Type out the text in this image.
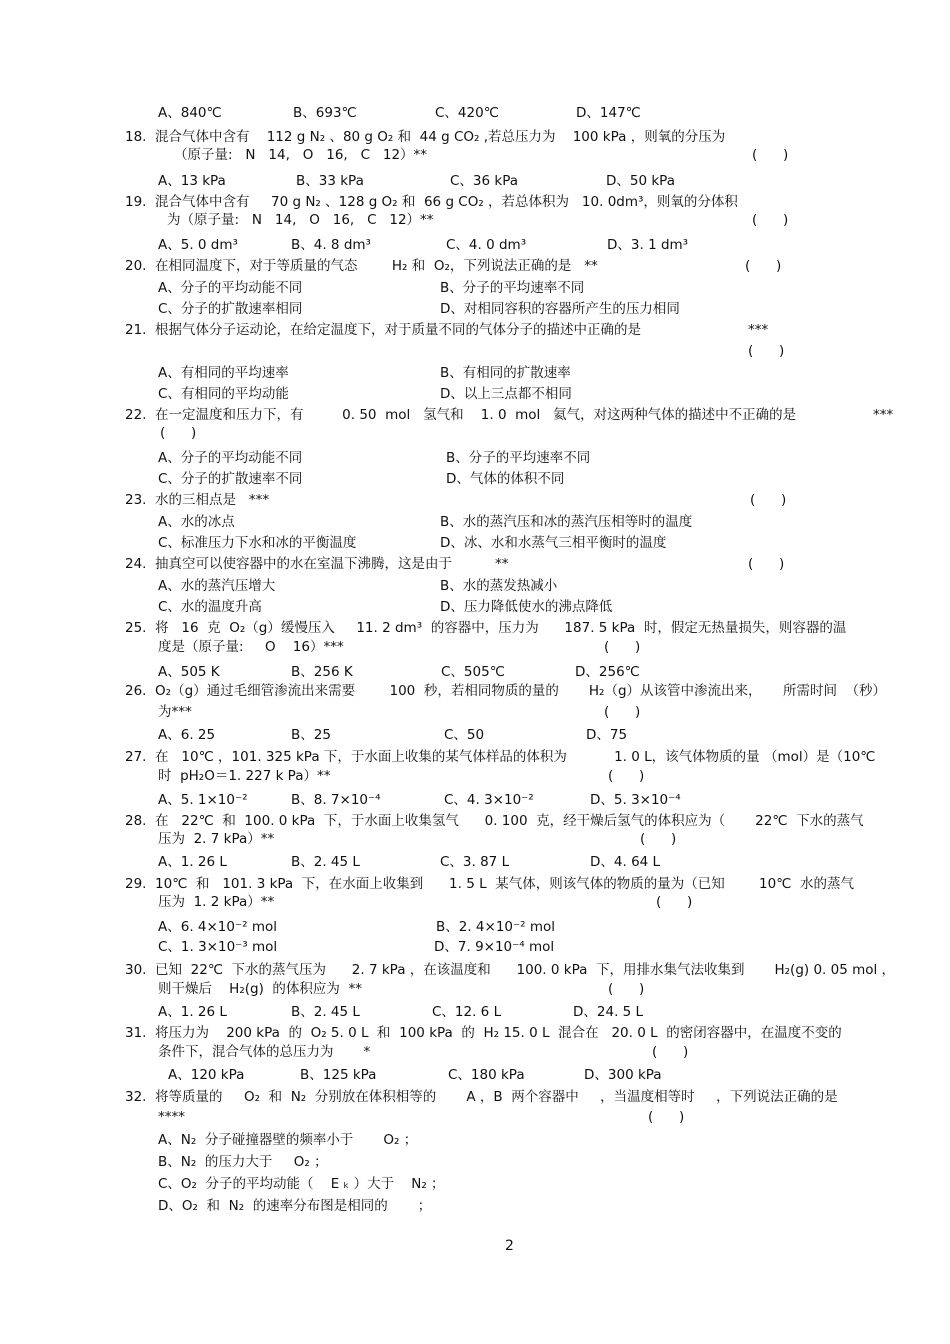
A、840℃	B、693℃	C、420℃	D、147℃
18.  混合气体中含有    112 g N₂ 、80 g O₂ 和  44 g CO₂ ,若总压力为    100 kPa ，则氧的分压为
（原子量:   N   14,   O   16,   C   12）**	(      )
A、13 kPa	B、33 kPa	C、36 kPa	D、50 kPa
19.  混合气体中含有     70 g N₂ 、128 g O₂ 和  66 g CO₂ ，若总体积为   10. 0dm³，则氧的分体积
为（原子量:   N   14,   O   16,   C   12）**	(      )
A、5. 0 dm³	B、4. 8 dm³	C、4. 0 dm³	D、3. 1 dm³
20.  在相同温度下，对于等质量的气态        H₂ 和  O₂，下列说法正确的是   **	(      )
A、分子的平均动能不同	B、分子的平均速率不同
C、分子的扩散速率相同	D、对相同容积的容器所产生的压力相同
21.  根据气体分子运动论，在给定温度下，对于质量不同的气体分子的描述中正确的是	***
(      )
A、有相同的平均速率	B、有相同的扩散速率
C、有相同的平均动能	D、以上三点都不相同
22.  在一定温度和压力下，有         0. 50  mol   氢气和    1. 0  mol   氦气，对这两种气体的描述中不正确的是	***
(      )
A、分子的平均动能不同	B、分子的平均速率不同
C、分子的扩散速率不同	D、气体的体积不同
23.  水的三相点是   ***	(      )
A、水的冰点	B、水的蒸汽压和冰的蒸汽压相等时的温度
C、标准压力下水和冰的平衡温度	D、冰、水和水蒸气三相平衡时的温度
24.  抽真空可以使容器中的水在室温下沸腾，这是由于          **	(      )
A、水的蒸汽压增大	B、水的蒸发热减小
C、水的温度升高	D、压力降低使水的沸点降低
25.  将   16  克  O₂（g）缓慢压入     11. 2 dm³  的容器中，压力为      187. 5 kPa  时，假定无热量损失，则容器的温
度是（原子量:     O    16）***	(      )
A、505 K	B、256 K	C、505℃	D、256℃
26.  O₂（g）通过毛细管渗流出来需要        100  秒，若相同物质的量的       H₂（g）从该管中渗流出来，     所需时间  （秒）
为***	(      )
A、6. 25	B、25	C、50	D、75
27.  在   10℃ ，101. 325 kPa 下，于水面上收集的某气体样品的体积为           1. 0 L，该气体物质的量 （mol）是（10℃
时  pH₂O＝1. 227 k Pa）**	(      )
A、5. 1×10⁻²	B、8. 7×10⁻⁴	C、4. 3×10⁻²	D、5. 3×10⁻⁴
28.  在   22℃  和  100. 0 kPa  下，于水面上收集氢气      0. 100  克，经干燥后氢气的体积应为（       22℃  下水的蒸气
压为  2. 7 kPa）**	(      )
A、1. 26 L	B、2. 45 L	C、3. 87 L	D、4. 64 L
29.  10℃  和   101. 3 kPa  下，在水面上收集到      1. 5 L  某气体，则该气体的物质的量为（已知        10℃  水的蒸气
压为  1. 2 kPa）**	(      )
A、6. 4×10⁻² mol	B、2. 4×10⁻² mol
C、1. 3×10⁻³ mol	D、7. 9×10⁻⁴ mol
30.  已知  22℃  下水的蒸气压为      2. 7 kPa ，在该温度和      100. 0 kPa  下，用排水集气法收集到       H₂(g) 0. 05 mol ，
则干燥后    H₂(g)  的体积应为  **	(      )
A、1. 26 L	B、2. 45 L	C、12. 6 L	D、24. 5 L
31.  将压力为    200 kPa  的  O₂ 5. 0 L  和  100 kPa  的  H₂ 15. 0 L  混合在   20. 0 L  的密闭容器中，在温度不变的
条件下，混合气体的总压力为       *	(      )
A、120 kPa	B、125 kPa	C、180 kPa	D、300 kPa
32.  将等质量的     O₂  和  N₂  分别放在体积相等的       A ，B  两个容器中     ，当温度相等时     ，下列说法正确的是
****	(      )
A、N₂  分子碰撞器壁的频率小于       O₂ ；
B、N₂  的压力大于     O₂ ；
C、O₂  分子的平均动能（    E ₖ ）大于    N₂ ；
D、O₂  和  N₂  的速率分布图是相同的       ；
2
